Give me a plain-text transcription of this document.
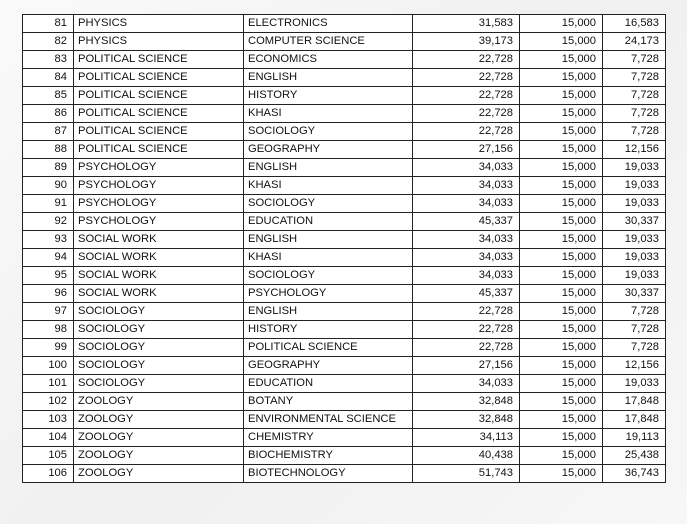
81	PHYSICS	ELECTRONICS	31,583	15,000	16,583
82	PHYSICS	COMPUTER SCIENCE	39,173	15,000	24,173
83	POLITICAL SCIENCE	ECONOMICS	22,728	15,000	7,728
84	POLITICAL SCIENCE	ENGLISH	22,728	15,000	7,728
85	POLITICAL SCIENCE	HISTORY	22,728	15,000	7,728
86	POLITICAL SCIENCE	KHASI	22,728	15,000	7,728
87	POLITICAL SCIENCE	SOCIOLOGY	22,728	15,000	7,728
88	POLITICAL SCIENCE	GEOGRAPHY	27,156	15,000	12,156
89	PSYCHOLOGY	ENGLISH	34,033	15,000	19,033
90	PSYCHOLOGY	KHASI	34,033	15,000	19,033
91	PSYCHOLOGY	SOCIOLOGY	34,033	15,000	19,033
92	PSYCHOLOGY	EDUCATION	45,337	15,000	30,337
93	SOCIAL WORK	ENGLISH	34,033	15,000	19,033
94	SOCIAL WORK	KHASI	34,033	15,000	19,033
95	SOCIAL WORK	SOCIOLOGY	34,033	15,000	19,033
96	SOCIAL WORK	PSYCHOLOGY	45,337	15,000	30,337
97	SOCIOLOGY	ENGLISH	22,728	15,000	7,728
98	SOCIOLOGY	HISTORY	22,728	15,000	7,728
99	SOCIOLOGY	POLITICAL SCIENCE	22,728	15,000	7,728
100	SOCIOLOGY	GEOGRAPHY	27,156	15,000	12,156
101	SOCIOLOGY	EDUCATION	34,033	15,000	19,033
102	ZOOLOGY	BOTANY	32,848	15,000	17,848
103	ZOOLOGY	ENVIRONMENTAL SCIENCE	32,848	15,000	17,848
104	ZOOLOGY	CHEMISTRY	34,113	15,000	19,113
105	ZOOLOGY	BIOCHEMISTRY	40,438	15,000	25,438
106	ZOOLOGY	BIOTECHNOLOGY	51,743	15,000	36,743
